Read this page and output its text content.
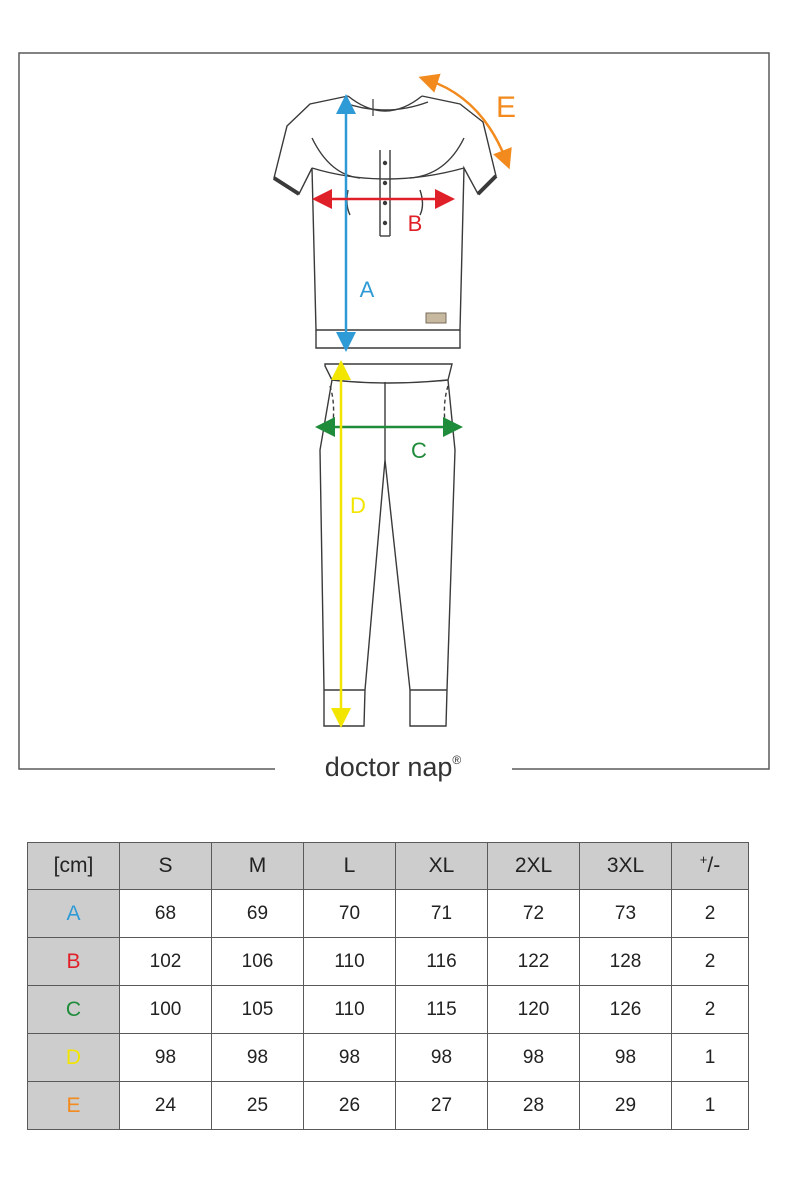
doctor nap®
A
B
C
D
E
[cm]	S	M	L	XL	2XL	3XL	+/-
A	68	69	70	71	72	73	2
B	102	106	110	116	122	128	2
C	100	105	110	115	120	126	2
D	98	98	98	98	98	98	1
E	24	25	26	27	28	29	1
